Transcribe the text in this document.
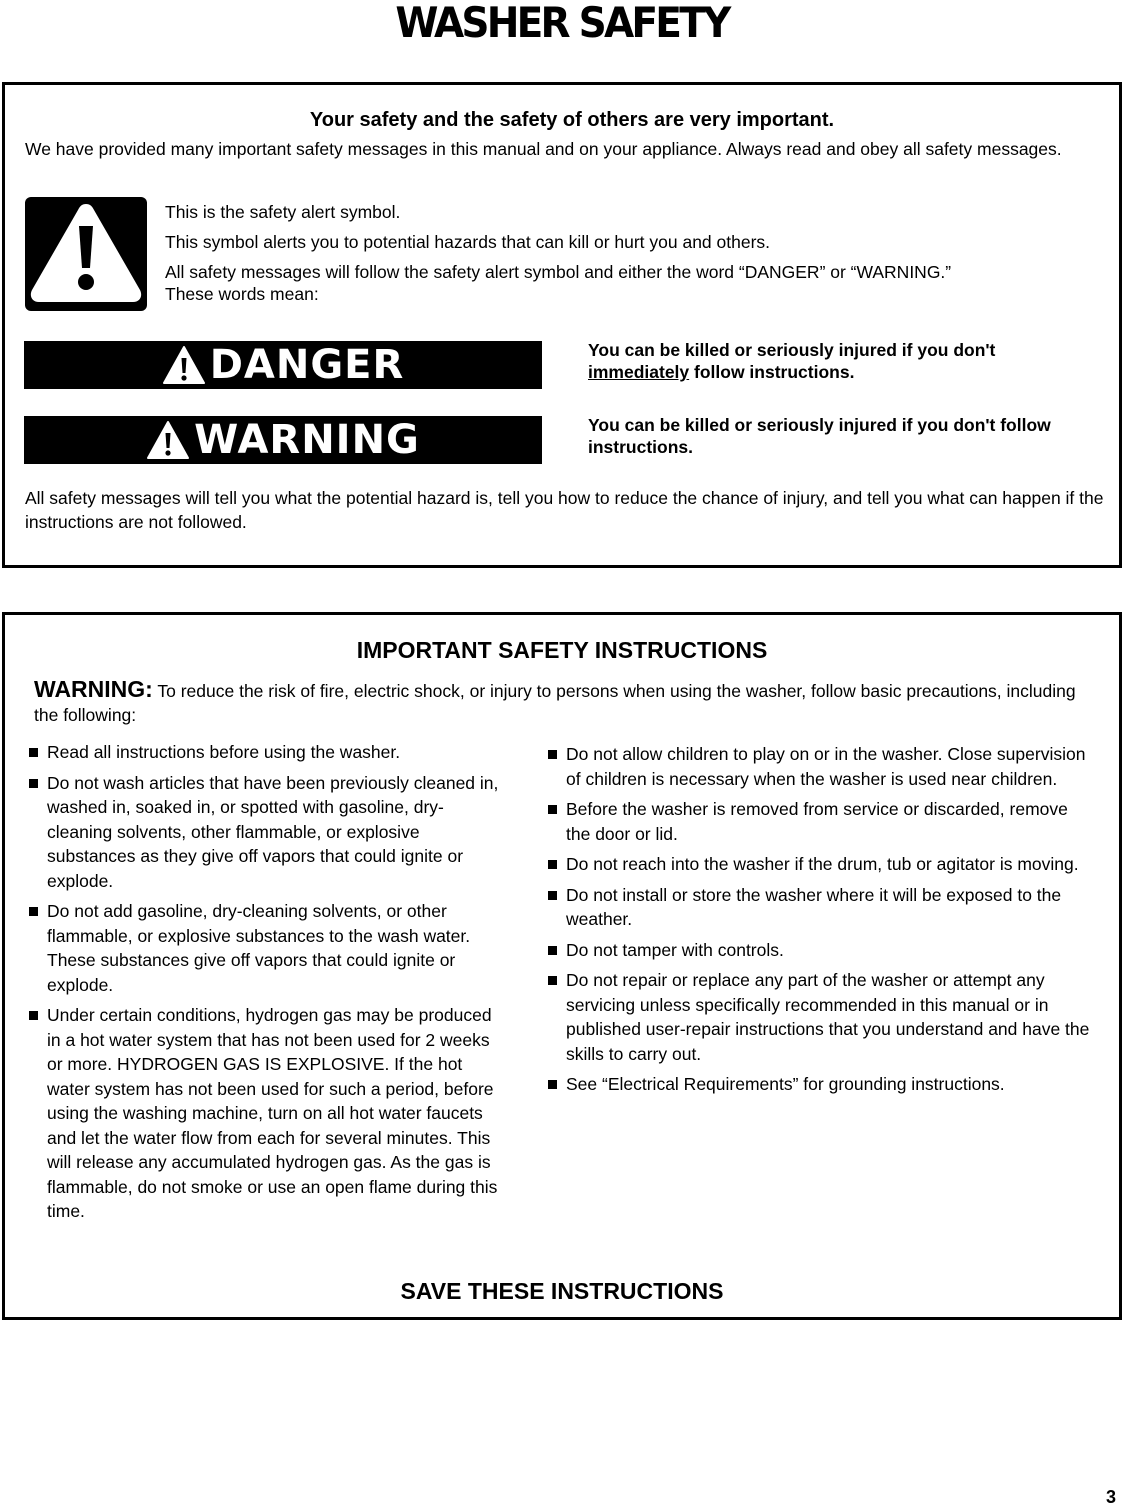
WASHER SAFETY
Your safety and the safety of others are very important.
We have provided many important safety messages in this manual and on your appliance. Always read and obey all safety messages.
This is the safety alert symbol.
This symbol alerts you to potential hazards that can kill or hurt you and others.
All safety messages will follow the safety alert symbol and either the word “DANGER” or “WARNING.” These words mean:
DANGER	You can be killed or seriously injured if you don't
immediately follow instructions.
WARNING	You can be killed or seriously injured if you don't follow instructions.
All safety messages will tell you what the potential hazard is, tell you how to reduce the chance of injury, and tell you what can happen if the instructions are not followed.
IMPORTANT SAFETY INSTRUCTIONS
WARNING: To reduce the risk of fire, electric shock, or injury to persons when using the washer, follow basic precautions, including the following:
Read all instructions before using the washer.
Do not wash articles that have been previously cleaned in, washed in, soaked in, or spotted with gasoline, dry-cleaning solvents, other flammable, or explosive substances as they give off vapors that could ignite or explode.
Do not add gasoline, dry-cleaning solvents, or other flammable, or explosive substances to the wash water. These substances give off vapors that could ignite or explode.
Under certain conditions, hydrogen gas may be produced in a hot water system that has not been used for 2 weeks or more. HYDROGEN GAS IS EXPLOSIVE. If the hot water system has not been used for such a period, before using the washing machine, turn on all hot water faucets and let the water flow from each for several minutes. This will release any accumulated hydrogen gas. As the gas is flammable, do not smoke or use an open flame during this time.
Do not allow children to play on or in the washer. Close supervision of children is necessary when the washer is used near children.
Before the washer is removed from service or discarded, remove the door or lid.
Do not reach into the washer if the drum, tub or agitator is moving.
Do not install or store the washer where it will be exposed to the weather.
Do not tamper with controls.
Do not repair or replace any part of the washer or attempt any servicing unless specifically recommended in this manual or in published user-repair instructions that you understand and have the skills to carry out.
See “Electrical Requirements” for grounding instructions.
SAVE THESE INSTRUCTIONS
3
